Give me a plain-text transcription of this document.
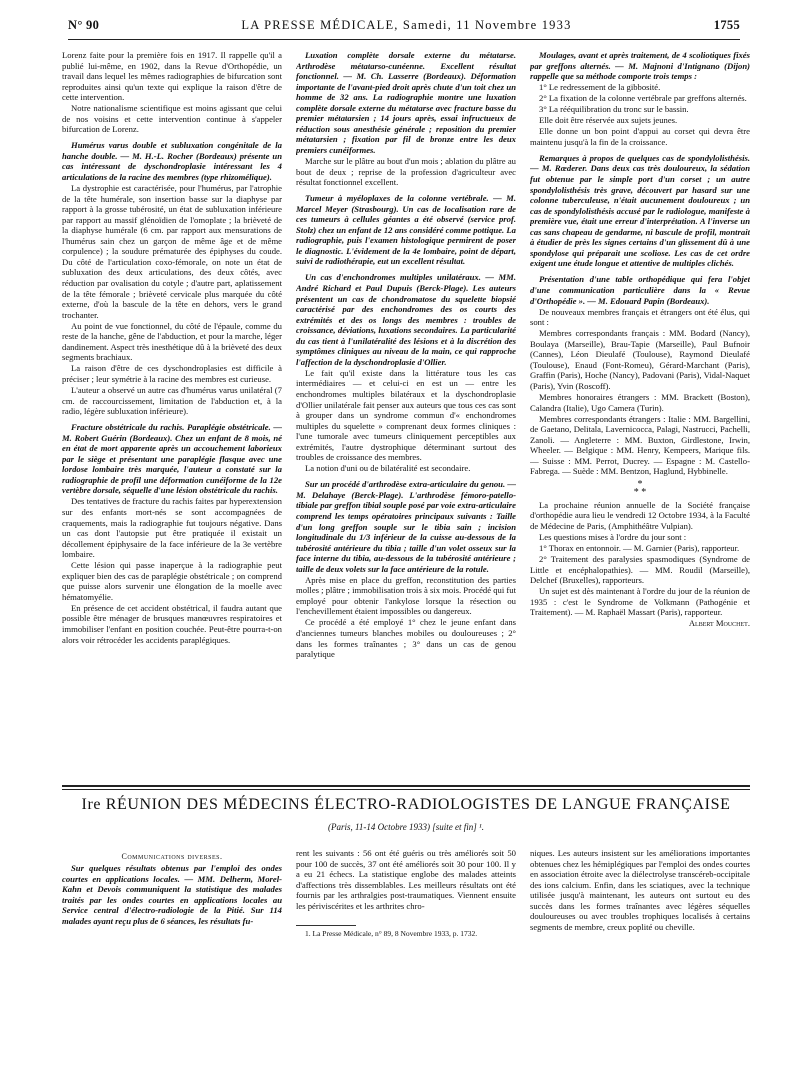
N° 90	LA PRESSE MÉDICALE, Samedi, 11 Novembre 1933	1755

Lorenz faite pour la première fois en 1917. Il rappelle qu'il a publié lui-même, en 1902, dans la Revue d'Orthopédie, un travail dans lequel les mêmes radiographies de bifurcation sont reproduites ainsi qu'un texte qui explique la raison d'être de cette intervention.

Notre nationalisme scientifique est moins agissant que celui de nos voisins et cette intervention continue à s'appeler bifurcation de Lorenz.

Humérus varus double et subluxation congénitale de la hanche double. — M. H.-L. Rocher (Bordeaux) présente un cas intéressant de dyschondroplasie intéressant les 4 articulations de la racine des membres (type rhizomélique).

La dystrophie est caractérisée, pour l'humérus, par l'atrophie de la tête humérale, son insertion basse sur la diaphyse par rapport à la grosse tubérosité, un état de subluxation inférieure par rapport au massif glénoïdien de l'omoplate ; la brièveté de la diaphyse humérale (6 cm. par rapport aux mensurations de l'humérus sain chez un garçon de même âge et de même corpulence) ; la soudure prématurée des épiphyses du coude. Du côté de l'articulation coxo-fémorale, on note un état de subluxation des deux articulations, des deux côtés, avec réduction par ovalisation du cotyle ; d'autre part, aplatissement de la tête fémorale ; brièveté cervicale plus marquée du côté externe, d'où la bascule de la tête en dehors, vers le grand trochanter.

Au point de vue fonctionnel, du côté de l'épaule, comme du reste de la hanche, gêne de l'abduction, et pour la marche, léger dandinement. Aspect très inesthétique dû à la brièveté des deux segments brachiaux.

La raison d'être de ces dyschondroplasies est difficile à préciser ; leur symétrie à la racine des membres est curieuse.

L'auteur a observé un autre cas d'humérus varus unilatéral (7 cm. de raccourcissement, limitation de l'abduction et, à la radio, légère subluxation inférieure).

Fracture obstétricale du rachis. Paraplégie obstétricale. — M. Robert Guérin (Bordeaux). Chez un enfant de 8 mois, né en état de mort apparente après un accouchement laborieux par le siège et présentant une paraplégie flasque avec une lordose lombaire très marquée, l'auteur a constaté sur la radiographie de profil une déformation cunéiforme de la 12e vertèbre dorsale, séquelle d'une lésion obstétricale du rachis.

Des tentatives de fracture du rachis faites par hyperextension sur des enfants mort-nés se sont accompagnées de craquements, mais la radiographie fut toujours négative. Dans un cas dont l'autopsie put être pratiquée il existait un décollement épiphysaire de la face inférieure de la 3e vertèbre lombaire.

Cette lésion qui passe inaperçue à la radiographie peut expliquer bien des cas de paraplégie obstétricale ; on comprend que puisse alors survenir une élongation de la moelle avec hématomyélie.

En présence de cet accident obstétrical, il faudra autant que possible être ménager de brusques manœuvres respiratoires et immobiliser l'enfant en position couchée. Peut-être pourra-t-on alors voir rétrocéder les accidents paraplégiques.

Luxation complète dorsale externe du métatarse. Arthrodèse métatarso-cunéenne. Excellent résultat fonctionnel. — M. Ch. Lasserre (Bordeaux). Déformation importante de l'avant-pied droit après chute d'un toit chez un homme de 32 ans. La radiographie montre une luxation complète dorsale externe du métatarse avec fracture basse du premier métatarsien ; 14 jours après, essai infructueux de réduction sous anesthésie générale ; reposition du premier métatarsien ; fixation par fil de bronze entre les deux premiers cunéiformes.

Marche sur le plâtre au bout d'un mois ; ablation du plâtre au bout de deux ; reprise de la profession d'agriculteur avec résultat fonctionnel excellent.

Tumeur à myéloplaxes de la colonne vertébrale. — M. Marcel Meyer (Strasbourg). Un cas de localisation rare de ces tumeurs à cellules géantes a été observé (service prof. Stolz) chez un enfant de 12 ans considéré comme pottique. La radiographie, puis l'examen histologique permirent de poser le diagnostic. L'évidement de la 4e lombaire, point de départ, suivi de radiothérapie, eut un excellent résultat.

Un cas d'enchondromes multiples unilatéraux. — MM. André Richard et Paul Dupuis (Berck-Plage). Les auteurs présentent un cas de chondromatose du squelette biopsié caractérisé par des enchondromes des os courts des extrémités et des os longs des membres : troubles de croissance, déviations, luxations secondaires. La particularité du cas tient à l'unilatéralité des lésions et à la discrétion des symptômes cliniques au niveau de la main, ce qui rapproche l'affection de la dyschondroplasie d'Ollier.

Le fait qu'il existe dans la littérature tous les cas intermédiaires — et celui-ci en est un — entre les enchondromes multiples bilatéraux et la dyschondroplasie d'Ollier unilatérale fait penser aux auteurs que tous ces cas sont à grouper dans un syndrome commun d'« enchondromes multiples du squelette » comprenant deux formes cliniques : l'une tumorale avec tumeurs cliniquement perceptibles aux extrémités, l'autre dystrophique déterminant surtout des troubles de croissance des membres.

La notion d'uni ou de bilatéralité est secondaire.

Sur un procédé d'arthrodèse extra-articulaire du genou. — M. Delahaye (Berck-Plage). L'arthrodèse fémoro-patello-tibiale par greffon tibial souple posé par voie extra-articulaire comprend les temps opératoires principaux suivants : Taille d'un long greffon souple sur le tibia sain ; incision longitudinale du 1/3 inférieur de la cuisse au-dessous de la tubérosité antérieure du tibia ; taille d'un volet osseux sur la face interne du tibia, au-dessous de la tubérosité antérieure ; taille de deux volets sur la face antérieure de la rotule.

Après mise en place du greffon, reconstitution des parties molles ; plâtre ; immobilisation trois à six mois. Procédé qui fut employé pour obtenir l'ankylose lorsque la résection ou l'enchevillement étaient impossibles ou dangereux.

Ce procédé a été employé 1° chez le jeune enfant dans d'anciennes tumeurs blanches mobiles ou douloureuses ; 2° dans les formes traînantes ; 3° dans un cas de genou paralytique

Moulages, avant et après traitement, de 4 scoliotiques fixés par greffons alternés. — M. Majnoni d'Intignano (Dijon) rappelle que sa méthode comporte trois temps :

1° Le redressement de la gibbosité.

2° La fixation de la colonne vertébrale par greffons alternés.

3° La rééquilibration du tronc sur le bassin.

Elle doit être réservée aux sujets jeunes.

Elle donne un bon point d'appui au corset qui devra être maintenu jusqu'à la fin de la croissance.

Remarques à propos de quelques cas de spondylolisthésis. — M. Rœderer. Dans deux cas très douloureux, la sédation fut obtenue par le simple port d'un corset ; un autre spondylolisthésis très grave, découvert par hasard sur une colonne tuberculeuse, n'était aucunement douloureux ; un cas de spondylolisthésis accusé par le radiologue, manifeste à première vue, était une erreur d'interprétation. A l'inverse un cas sans chapeau de gendarme, ni bascule de profil, montrait à étudier de près les signes certains d'un glissement dû à une spondylose qui préparait une scoliose. Les cas de cet ordre exigent une étude longue et attentive de multiples clichés.

Présentation d'une table orthopédique qui fera l'objet d'une communication particulière dans la « Revue d'Orthopédie ». — M. Edouard Papin (Bordeaux).

De nouveaux membres français et étrangers ont été élus, qui sont :

Membres correspondants français : MM. Bodard (Nancy), Boulaya (Marseille), Brau-Tapie (Marseille), Paul Bufnoir (Cannes), Léon Dieulafé (Toulouse), Raymond Dieulafé (Toulouse), Enaud (Font-Romeu), Gérard-Marchant (Paris), Graffin (Paris), Hoche (Nancy), Padovani (Paris), Vidal-Naquet (Paris), Yvin (Roscoff).

Membres honoraires étrangers : MM. Brackett (Boston), Calandra (Italie), Ugo Camera (Turin).

Membres correspondants étrangers : Italie : MM. Bargellini, de Gaetano, Delitala, Lavernicocca, Palagi, Nastrucci, Pachelli, Zanoli. — Angleterre : MM. Buxton, Girdlestone, Irwin, Wheeler. — Belgique : MM. Henry, Kempeers, Marique fils. — Suisse : MM. Perrot, Ducrey. — Espagne : M. Castello-Fabrega. — Suède : MM. Bentzon, Haglund, Hybbinelle.

*
* *

La prochaine réunion annuelle de la Société française d'orthopédie aura lieu le vendredi 12 Octobre 1934, à la Faculté de Médecine de Paris, (Amphithéâtre Vulpian).

Les questions mises à l'ordre du jour sont :

1° Thorax en entonnoir. — M. Garnier (Paris), rapporteur.

2° Traitement des paralysies spasmodiques (Syndrome de Little et encéphalopathies). — MM. Roudil (Marseille), Delchef (Bruxelles), rapporteurs.

Un sujet est dès maintenant à l'ordre du jour de la réunion de 1935 : c'est le Syndrome de Volkmann (Pathogénie et Traitement). — M. Raphaël Massart (Paris), rapporteur.

Albert Mouchet.

Ire RÉUNION DES MÉDECINS ÉLECTRO-RADIOLOGISTES DE LANGUE FRANÇAISE
(Paris, 11-14 Octobre 1933) [suite et fin] ¹.

Communications diverses.

Sur quelques résultats obtenus par l'emploi des ondes courtes en applications locales. — MM. Delherm, Morel-Kahn et Devois communiquent la statistique des malades traités par les ondes courtes en applications locales au Service central d'électro-radiologie de la Pitié. Sur 114 malades ayant reçu plus de 6 séances, les résultats fu-

rent les suivants : 56 ont été guéris ou très améliorés soit 50 pour 100 de succès, 37 ont été améliorés soit 30 pour 100. Il y a eu 21 échecs. La statistique englobe des malades atteints d'affections très dissemblables. Les meilleurs résultats ont été fournis par les arthralgies post-traumatiques. Viennent ensuite les périviscérites et les arthrites chro-

1. La Presse Médicale, n° 89, 8 Novembre 1933, p. 1732.

niques. Les auteurs insistent sur les améliorations importantes obtenues chez les hémiplégiques par l'emploi des ondes courtes en association étroite avec la diélectrolyse transcéreb-occipitale des ions calcium. Enfin, dans les sciatiques, avec la technique utilisée jusqu'à maintenant, les auteurs ont surtout eu des succès dans les formes traînantes avec légères séquelles douloureuses ou avec troubles trophiques localisés à certains segments de membre, creux poplité ou cheville.
